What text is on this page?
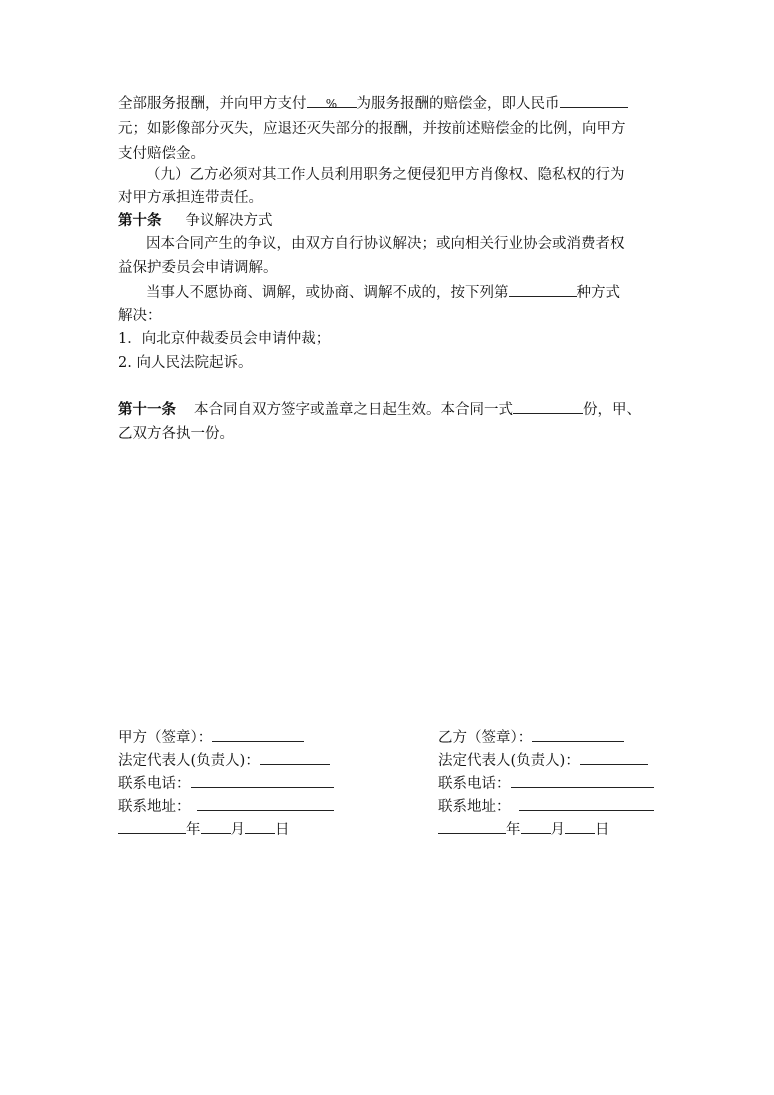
全部服务报酬，并向甲方支付 % 为服务报酬的赔偿金，即人民币
元；如影像部分灭失，应退还灭失部分的报酬，并按前述赔偿金的比例，向甲方
支付赔偿金。
（九）乙方必须对其工作人员利用职务之便侵犯甲方肖像权、隐私权的行为
对甲方承担连带责任。
第十条 争议解决方式
因本合同产生的争议，由双方自行协议解决；或向相关行业协会或消费者权
益保护委员会申请调解。
当事人不愿协商、调解，或协商、调解不成的，按下列第	种方式
解决：
1．向北京仲裁委员会申请仲裁；
2. 向人民法院起诉。
第十一条 本合同自双方签字或盖章之日起生效。本合同一式	份，甲、
乙双方各执一份。
甲方（签章）：
法定代表人(负责人)：
联系电话：
联系地址：
年 月 日
乙方（签章）：
法定代表人(负责人)：
联系电话：
联系地址：
年 月 日
